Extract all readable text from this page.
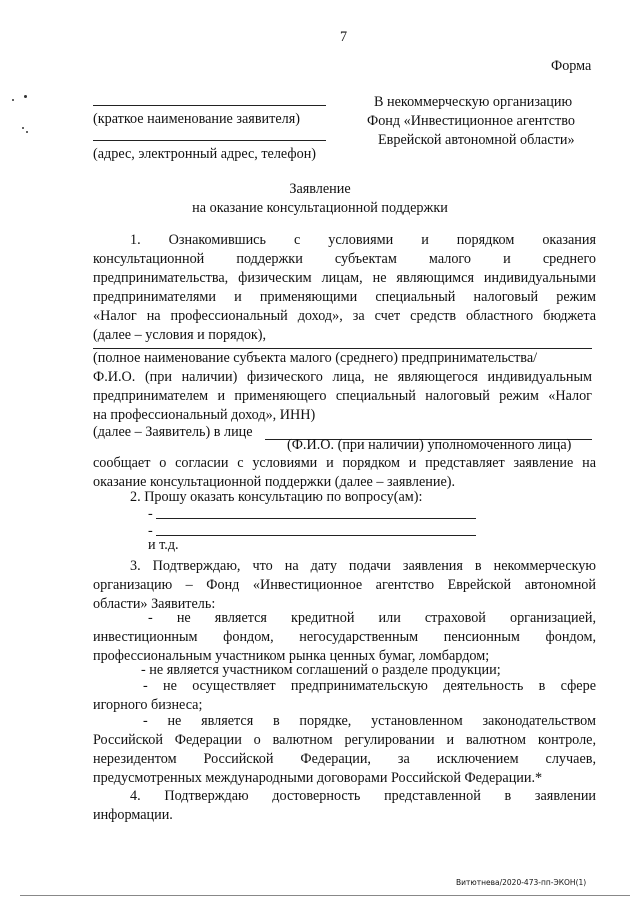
7
Форма
(краткое наименование заявителя)
(адрес, электронный адрес, телефон)
В некоммерческую организацию
Фонд «Инвестиционное агентство
Еврейской автономной области»
Заявление
на оказание консультационной поддержки
1. Ознакомившись с условиями и порядком оказания
консультационной поддержки субъектам малого и среднего
предпринимательства, физическим лицам, не являющимся индивидуальными
предпринимателями и применяющими специальный налоговый режим
«Налог на профессиональный доход», за счет средств областного бюджета
(далее – условия и порядок),
(полное наименование субъекта малого (среднего) предпринимательства/
Ф.И.О. (при наличии) физического лица, не являющегося индивидуальным
предпринимателем и применяющего специальный налоговый режим «Налог
на профессиональный доход», ИНН)
(далее – Заявитель) в лице
(Ф.И.О. (при наличии) уполномоченного лица)
сообщает о согласии с условиями и порядком и представляет заявление на
оказание консультационной поддержки (далее – заявление).
2. Прошу оказать консультацию по вопросу(ам):
-
-
и т.д.
3. Подтверждаю, что на дату подачи заявления в некоммерческую
организацию – Фонд «Инвестиционное агентство Еврейской автономной
области» Заявитель:
- не является кредитной или страховой организацией,
инвестиционным фондом, негосударственным пенсионным фондом,
профессиональным участником рынка ценных бумаг, ломбардом;
- не является участником соглашений о разделе продукции;
- не осуществляет предпринимательскую деятельность в сфере
игорного бизнеса;
- не является в порядке, установленном законодательством
Российской Федерации о валютном регулировании и валютном контроле,
нерезидентом Российской Федерации, за исключением случаев,
предусмотренных международными договорами Российской Федерации.*
4. Подтверждаю достоверность представленной в заявлении
информации.
Витютнева/2020-473-пп-ЭКОН(1)
